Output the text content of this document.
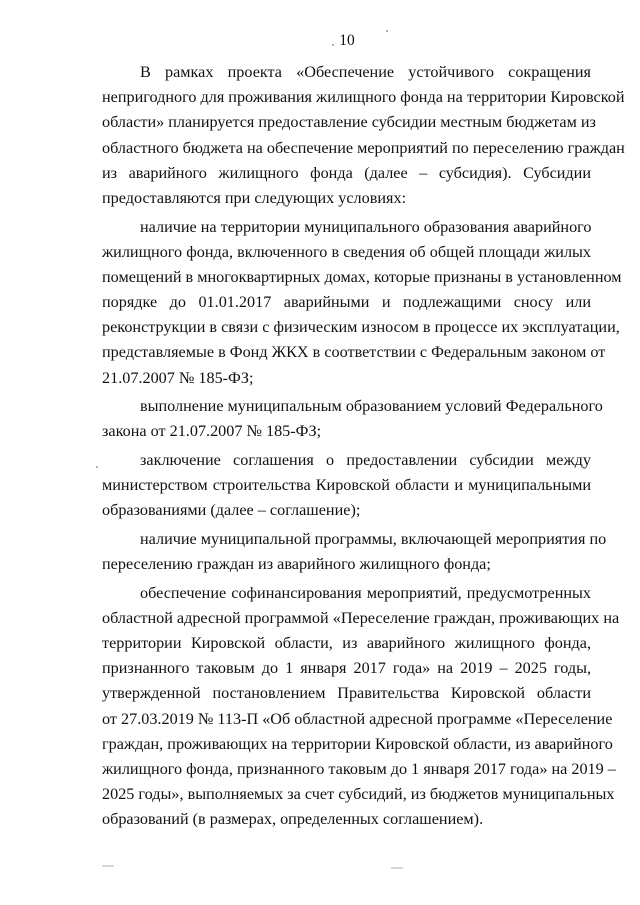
10

В рамках проекта «Обеспечение устойчивого сокращения
непригодного для проживания жилищного фонда на территории Кировской
области» планируется предоставление субсидии местным бюджетам из
областного бюджета на обеспечение мероприятий по переселению граждан
из аварийного жилищного фонда (далее – субсидия). Субсидии
предоставляются при следующих условиях:

наличие на территории муниципального образования аварийного
жилищного фонда, включенного в сведения об общей площади жилых
помещений в многоквартирных домах, которые признаны в установленном
порядке до 01.01.2017 аварийными и подлежащими сносу или
реконструкции в связи с физическим износом в процессе их эксплуатации,
представляемые в Фонд ЖКХ в соответствии с Федеральным законом от
21.07.2007 № 185-ФЗ;

выполнение муниципальным образованием условий Федерального
закона от 21.07.2007 № 185-ФЗ;

заключение соглашения о предоставлении субсидии между
министерством строительства Кировской области и муниципальными
образованиями (далее – соглашение);

наличие муниципальной программы, включающей мероприятия по
переселению граждан из аварийного жилищного фонда;

обеспечение софинансирования мероприятий, предусмотренных
областной адресной программой «Переселение граждан, проживающих на
территории Кировской области, из аварийного жилищного фонда,
признанного таковым до 1 января 2017 года» на 2019 – 2025 годы,
утвержденной постановлением Правительства Кировской области
от 27.03.2019 № 113-П «Об областной адресной программе «Переселение
граждан, проживающих на территории Кировской области, из аварийного
жилищного фонда, признанного таковым до 1 января 2017 года» на 2019 –
2025 годы», выполняемых за счет субсидий, из бюджетов муниципальных
образований (в размерах, определенных соглашением).
